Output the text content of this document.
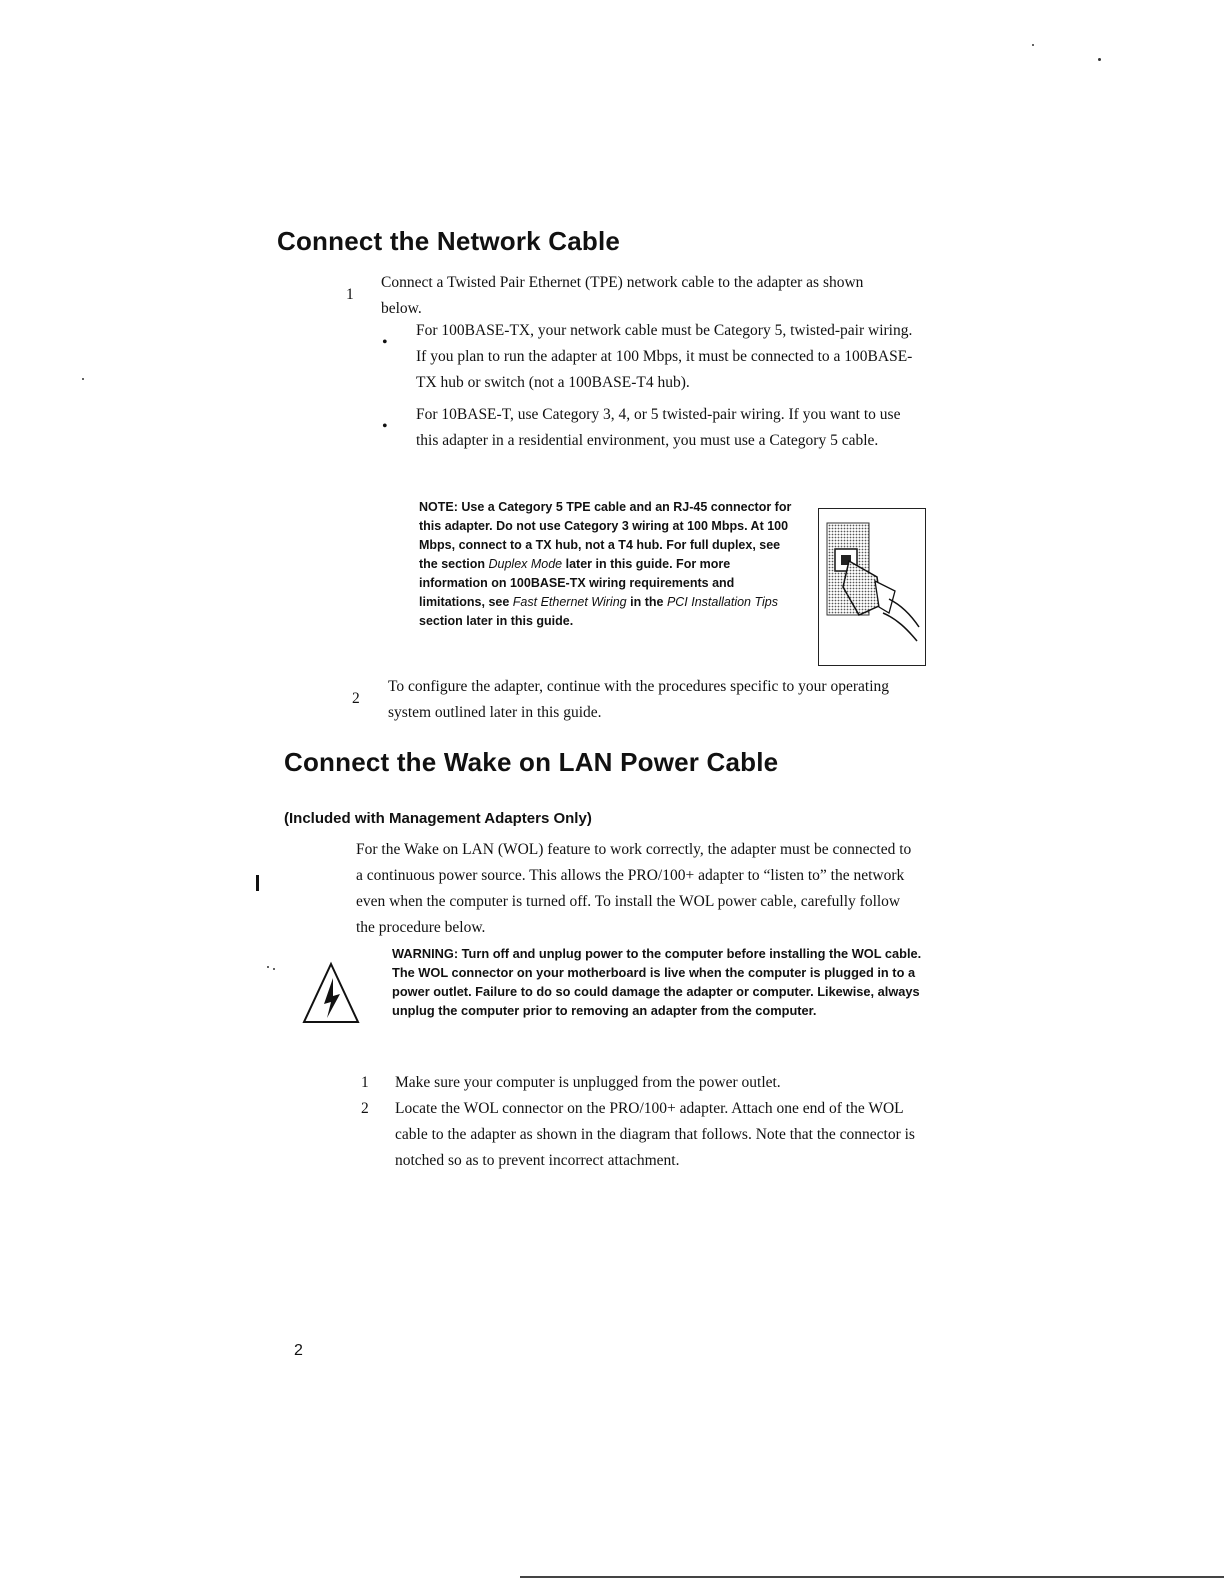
Connect the Network Cable
1
Connect a Twisted Pair Ethernet (TPE) network cable to the adapter as shown below.
•
For 100BASE-TX, your network cable must be Category 5, twisted-pair wiring. If you plan to run the adapter at 100 Mbps, it must be connected to a 100BASE-TX hub or switch (not a 100BASE-T4 hub).
•
For 10BASE-T, use Category 3, 4, or 5 twisted-pair wiring. If you want to use this adapter in a residential environment, you must use a Category 5 cable.
NOTE: Use a Category 5 TPE cable and an RJ-45 connector for this adapter. Do not use Category 3 wiring at 100 Mbps. At 100 Mbps, connect to a TX hub, not a T4 hub. For full duplex, see the section Duplex Mode later in this guide. For more information on 100BASE-TX wiring requirements and limitations, see Fast Ethernet Wiring in the PCI Installation Tips section later in this guide.
2
To configure the adapter, continue with the procedures specific to your operating system outlined later in this guide.
Connect the Wake on LAN Power Cable
(Included with Management Adapters Only)
For the Wake on LAN (WOL) feature to work correctly, the adapter must be connected to a continuous power source. This allows the PRO/100+ adapter to “listen to” the network even when the computer is turned off. To install the WOL power cable, carefully follow the procedure below.
WARNING: Turn off and unplug power to the computer before installing the WOL cable. The WOL connector on your motherboard is live when the computer is plugged in to a power outlet. Failure to do so could damage the adapter or computer. Likewise, always unplug the computer prior to removing an adapter from the computer.
1 Make sure your computer is unplugged from the power outlet.
2 Locate the WOL connector on the PRO/100+ adapter. Attach one end of the WOL cable to the adapter as shown in the diagram that follows. Note that the connector is notched so as to prevent incorrect attachment.
2
